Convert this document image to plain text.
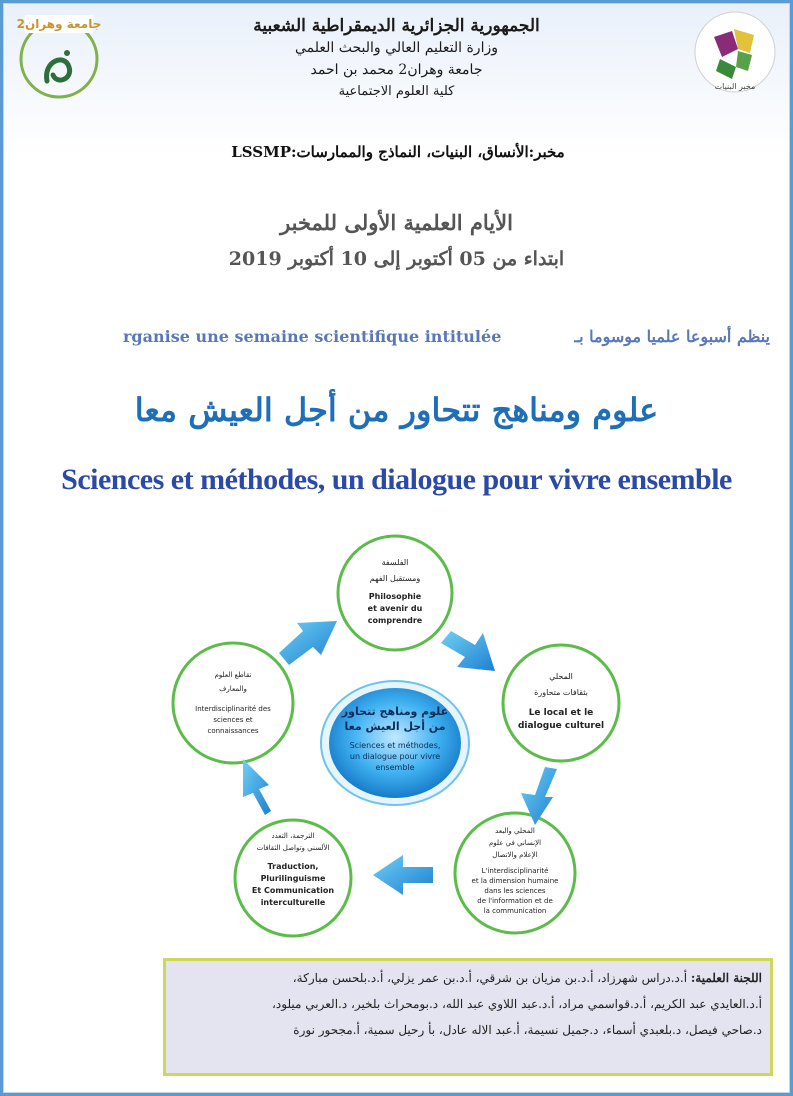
جامعة وهران2
مخبر البنيات
الجمهورية الجزائرية الديمقراطية الشعبية
وزارة التعليم العالي والبحث العلمي
جامعة وهران2 محمد بن احمد
كلية العلوم الاجتماعية
مخبر:الأنساق، البنيات، النماذج والممارسات:LSSMP
الأيام العلمية الأولى للمخبر
ابتداء من 05 أكتوبر إلى 10 أكتوبر 2019
rganise une semaine scientifique intitulée	ينظم أسبوعا علميا موسوما بـ
علوم ومناهج تتحاور من أجل العيش معا
Sciences et méthodes, un dialogue pour vivre ensemble
علوم ومناهج تتحاور
من أجل العيش معا
Sciences et méthodes,
un dialogue pour vivre
ensemble
الفلسفة
ومستقبل الفهم
Philosophie
et avenir du
comprendre
المحلي
بثقافات متحاورة
Le local et le
dialogue culturel
المحلي والبعد
الإنساني في علوم
الإعلام والاتصال
L'interdisciplinarité
et la dimension humaine
dans les sciences
de l'information et de
la communication
الترجمة، التعدد
الألسني وتواصل الثقافات
Traduction,
Plurilinguisme
Et Communication
interculturelle
تقاطع العلوم
والمعارف
Interdisciplinarité des
sciences et
connaissances
اللجنة العلمية: أ.د.دراس شهرزاد، أ.د.بن مزيان بن شرقي، أ.د.بن عمر يزلي، أ.د.بلحسن مباركة،
أ.د.العايدي عبد الكريم، أ.د.قواسمي مراد، أ.د.عبد اللاوي عبد الله، د.بومحراث بلخير، د.العربي ميلود،
د.صاحي فيصل، د.بلعبدي أسماء، د.جميل نسيمة، أ.عبد الاله عادل، بأ رحيل سمية، أ.مجحور نورة
